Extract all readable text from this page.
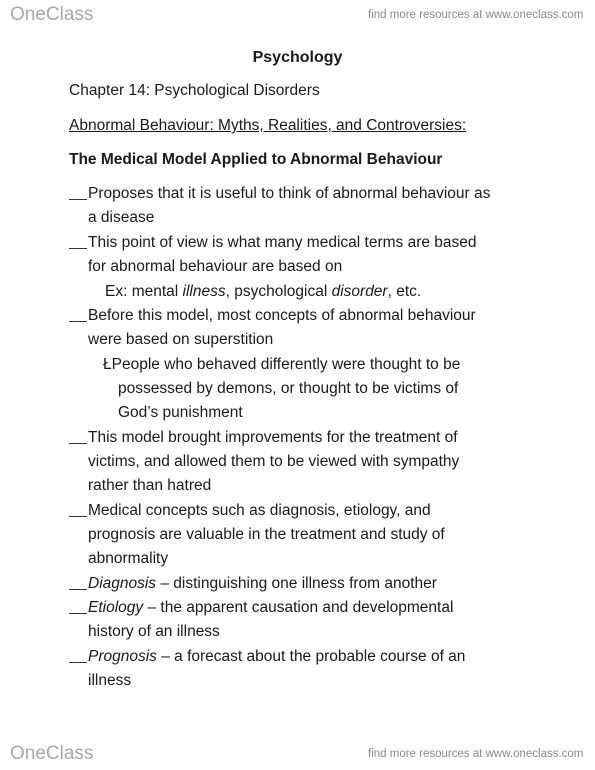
OneClass	find more resources at www.oneclass.com
Psychology
Chapter 14: Psychological Disorders
Abnormal Behaviour: Myths, Realities, and Controversies:
The Medical Model Applied to Abnormal Behaviour
Proposes that it is useful to think of abnormal behaviour as
a disease
This point of view is what many medical terms are based
for abnormal behaviour are based on
Ex: mental illness, psychological disorder, etc.
Before this model, most concepts of abnormal behaviour
were based on superstition
ŁPeople who behaved differently were thought to be
possessed by demons, or thought to be victims of
God’s punishment
This model brought improvements for the treatment of
victims, and allowed them to be viewed with sympathy
rather than hatred
Medical concepts such as diagnosis, etiology, and
prognosis are valuable in the treatment and study of
abnormality
Diagnosis – distinguishing one illness from another
Etiology – the apparent causation and developmental
history of an illness
Prognosis – a forecast about the probable course of an
illness
OneClass	find more resources at www.oneclass.com
